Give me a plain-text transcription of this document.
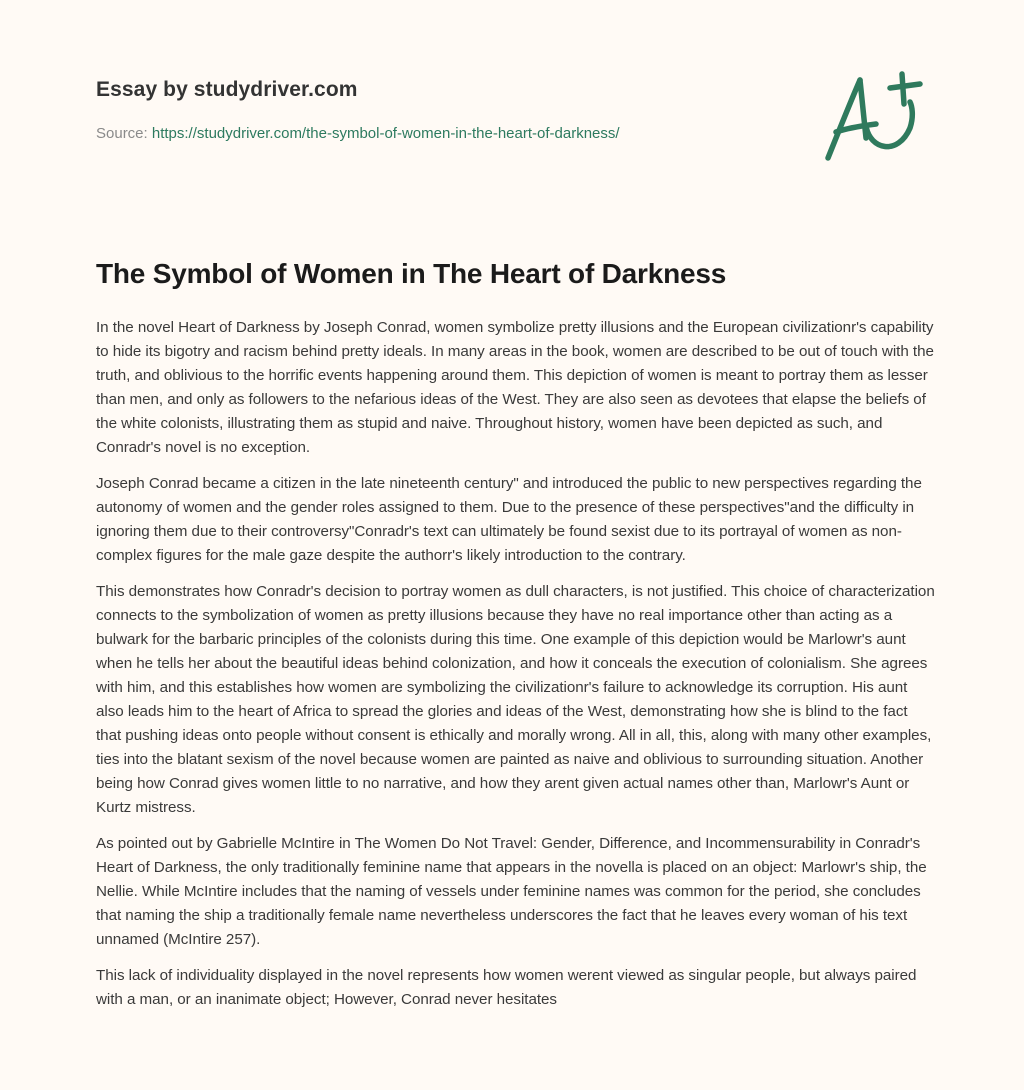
Essay by studydriver.com
Source: https://studydriver.com/the-symbol-of-women-in-the-heart-of-darkness/
The Symbol of Women in The Heart of Darkness

In the novel Heart of Darkness by Joseph Conrad, women symbolize pretty illusions and the European civilizationr's capability to hide its bigotry and racism behind pretty ideals. In many areas in the book, women are described to be out of touch with the truth, and oblivious to the horrific events happening around them. This depiction of women is meant to portray them as lesser than men, and only as followers to the nefarious ideas of the West. They are also seen as devotees that elapse the beliefs of the white colonists, illustrating them as stupid and naive. Throughout history, women have been depicted as such, and Conradr's novel is no exception.

Joseph Conrad became a citizen in the late nineteenth century" and introduced the public to new perspectives regarding the autonomy of women and the gender roles assigned to them. Due to the presence of these perspectives"and the difficulty in ignoring them due to their controversy"Conradr's text can ultimately be found sexist due to its portrayal of women as non-complex figures for the male gaze despite the authorr's likely introduction to the contrary.

This demonstrates how Conradr's decision to portray women as dull characters, is not justified. This choice of characterization connects to the symbolization of women as pretty illusions because they have no real importance other than acting as a bulwark for the barbaric principles of the colonists during this time. One example of this depiction would be Marlowr's aunt when he tells her about the beautiful ideas behind colonization, and how it conceals the execution of colonialism. She agrees with him, and this establishes how women are symbolizing the civilizationr's failure to acknowledge its corruption. His aunt also leads him to the heart of Africa to spread the glories and ideas of the West, demonstrating how she is blind to the fact that pushing ideas onto people without consent is ethically and morally wrong. All in all, this, along with many other examples, ties into the blatant sexism of the novel because women are painted as naive and oblivious to surrounding situation. Another being how Conrad gives women little to no narrative, and how they arent given actual names other than, Marlowr's Aunt or Kurtz mistress.

As pointed out by Gabrielle McIntire in The Women Do Not Travel: Gender, Difference, and Incommensurability in Conradr's Heart of Darkness, the only traditionally feminine name that appears in the novella is placed on an object: Marlowr's ship, the Nellie. While McIntire includes that the naming of vessels under feminine names was common for the period, she concludes that naming the ship a traditionally female name nevertheless underscores the fact that he leaves every woman of his text unnamed (McIntire 257).

This lack of individuality displayed in the novel represents how women werent viewed as singular people, but always paired with a man, or an inanimate object; However, Conrad never hesitates
